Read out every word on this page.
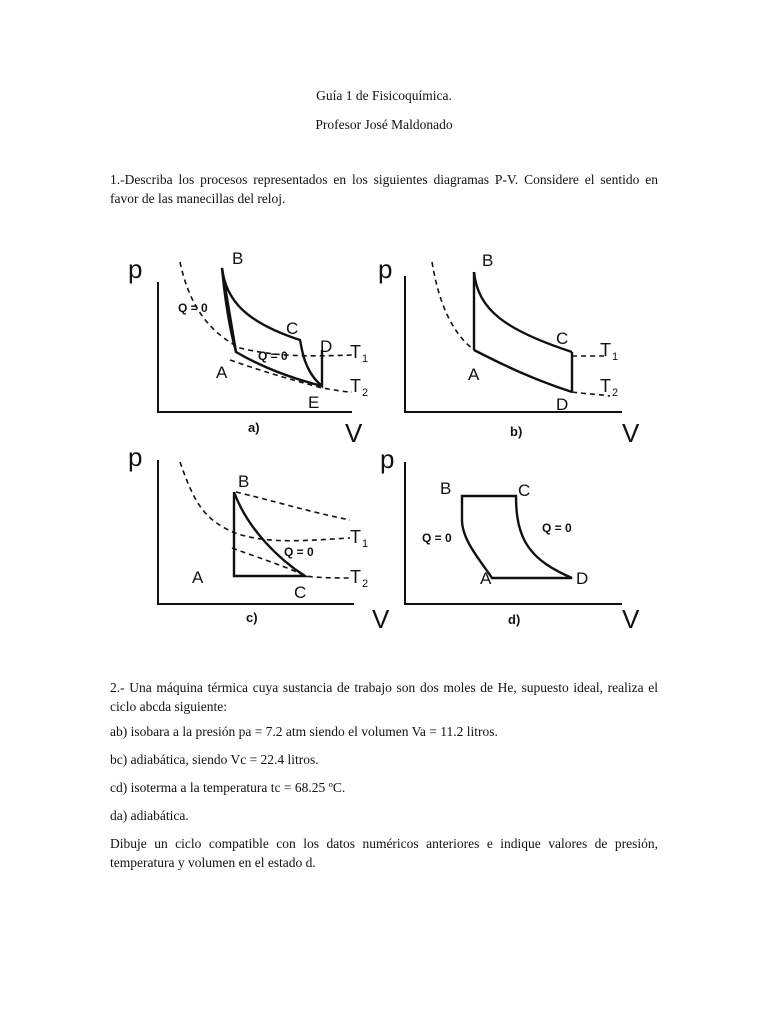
Guía 1 de Fisicoquímica.
Profesor José Maldonado
1.-Describa los procesos representados en los siguientes diagramas P-V. Considere el sentido en favor de las manecillas del reloj.
p
V
B
C
D
A
E
Q = 0
Q = 0	T 1
T 2
a)
p
V
B
C
A
D
T 1
T 2
b)
p
V
B
A
C
Q = 0
T 1
T 2
c)
p
V
B	C
A	D
Q = 0
Q = 0
d)
2.- Una máquina térmica cuya sustancia de trabajo son dos moles de He, supuesto ideal, realiza el ciclo abcda siguiente:
ab) isobara a la presión pa = 7.2 atm siendo el volumen Va = 11.2 litros.
bc) adiabática, siendo Vc = 22.4 litros.
cd) isoterma a la temperatura tc = 68.25 ºC.
da) adiabática.
Dibuje un ciclo compatible con los datos numéricos anteriores e indique valores de presión, temperatura y volumen en el estado d.
